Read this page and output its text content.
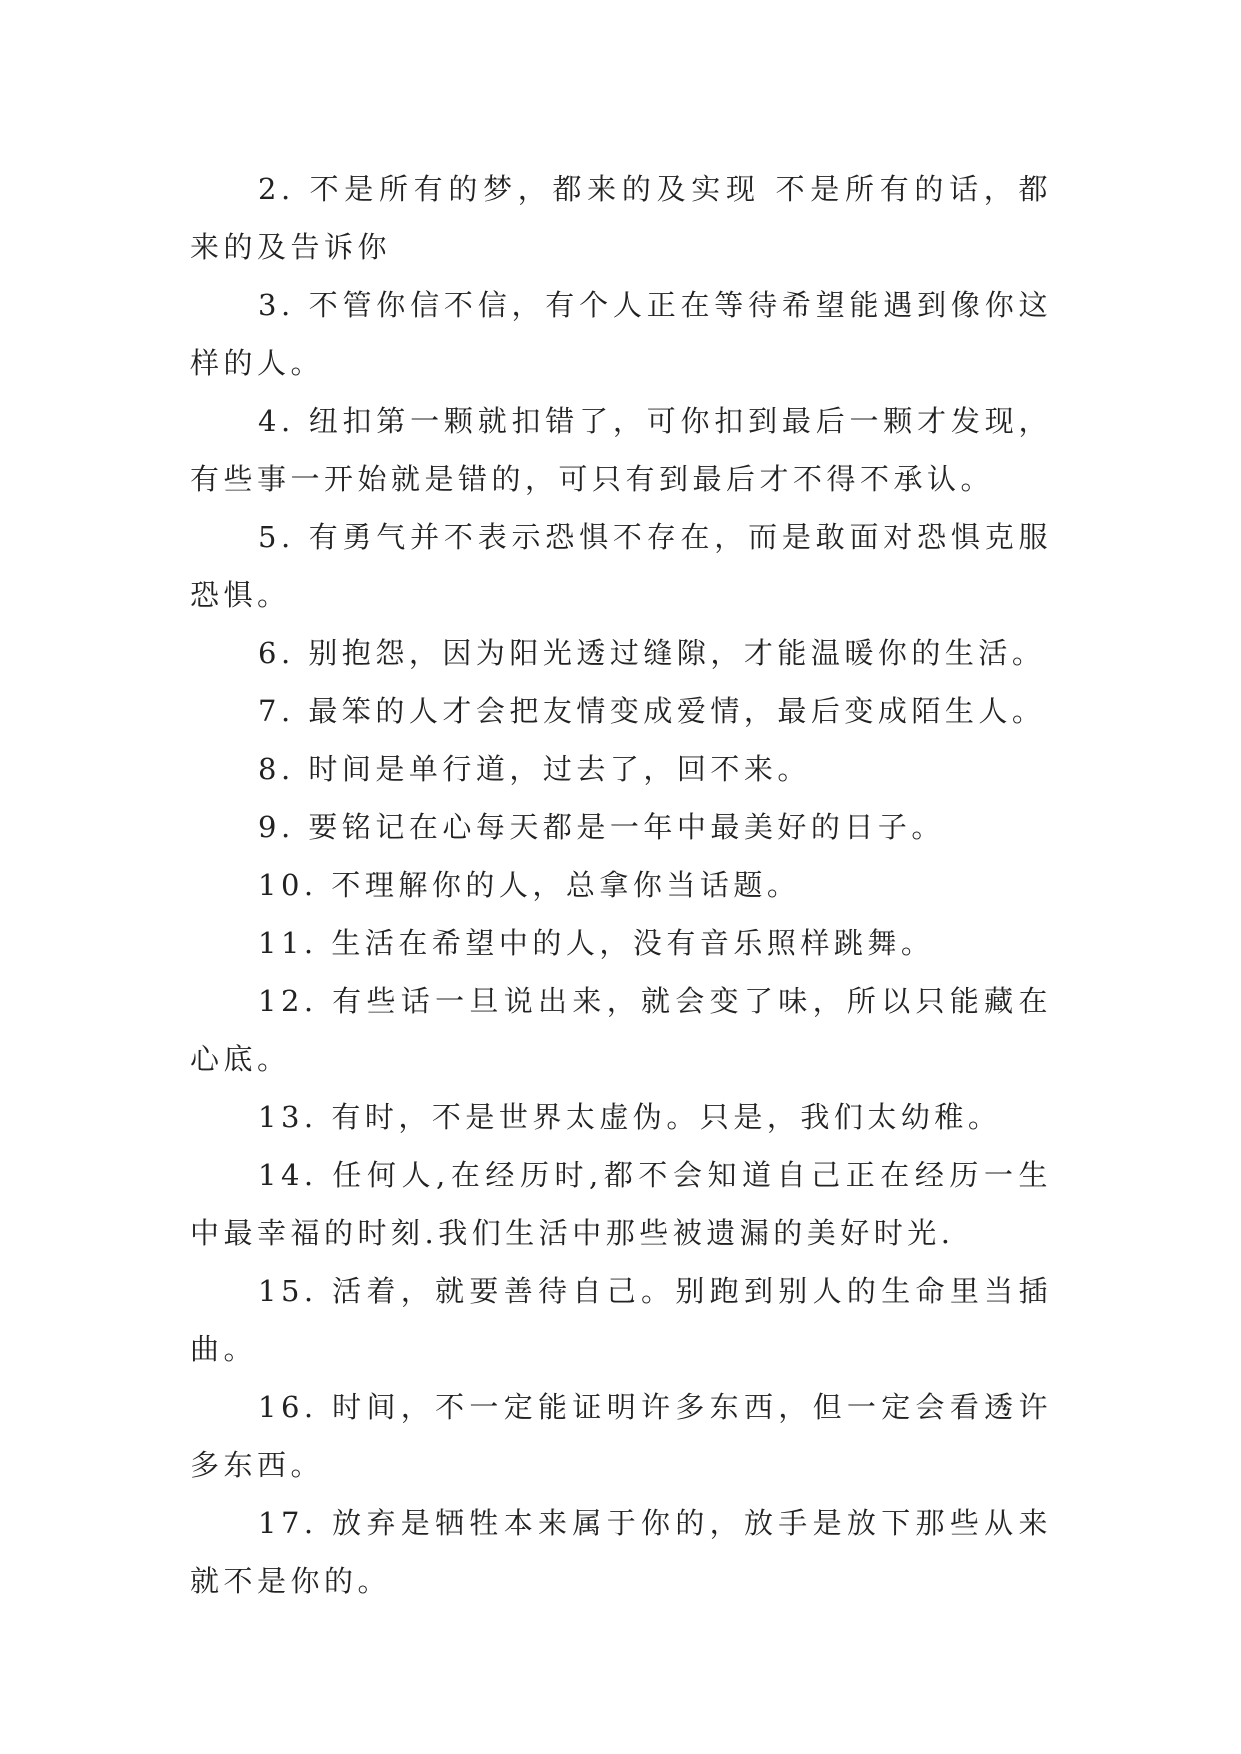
2. 不是所有的梦，都来的及实现 不是所有的话，都来的及告诉你

3. 不管你信不信，有个人正在等待希望能遇到像你这样的人。

4. 纽扣第一颗就扣错了，可你扣到最后一颗才发现，有些事一开始就是错的，可只有到最后才不得不承认。

5. 有勇气并不表示恐惧不存在，而是敢面对恐惧克服恐惧。

6. 别抱怨，因为阳光透过缝隙，才能温暖你的生活。

7. 最笨的人才会把友情变成爱情，最后变成陌生人。

8. 时间是单行道，过去了，回不来。

9. 要铭记在心每天都是一年中最美好的日子。

10. 不理解你的人，总拿你当话题。

11. 生活在希望中的人，没有音乐照样跳舞。

12. 有些话一旦说出来，就会变了味，所以只能藏在心底。

13. 有时，不是世界太虚伪。只是，我们太幼稚。

14. 任何人,在经历时,都不会知道自己正在经历一生中最幸福的时刻.我们生活中那些被遗漏的美好时光.

15. 活着，就要善待自己。别跑到别人的生命里当插曲。

16. 时间，不一定能证明许多东西，但一定会看透许多东西。

17. 放弃是牺牲本来属于你的，放手是放下那些从来就不是你的。
